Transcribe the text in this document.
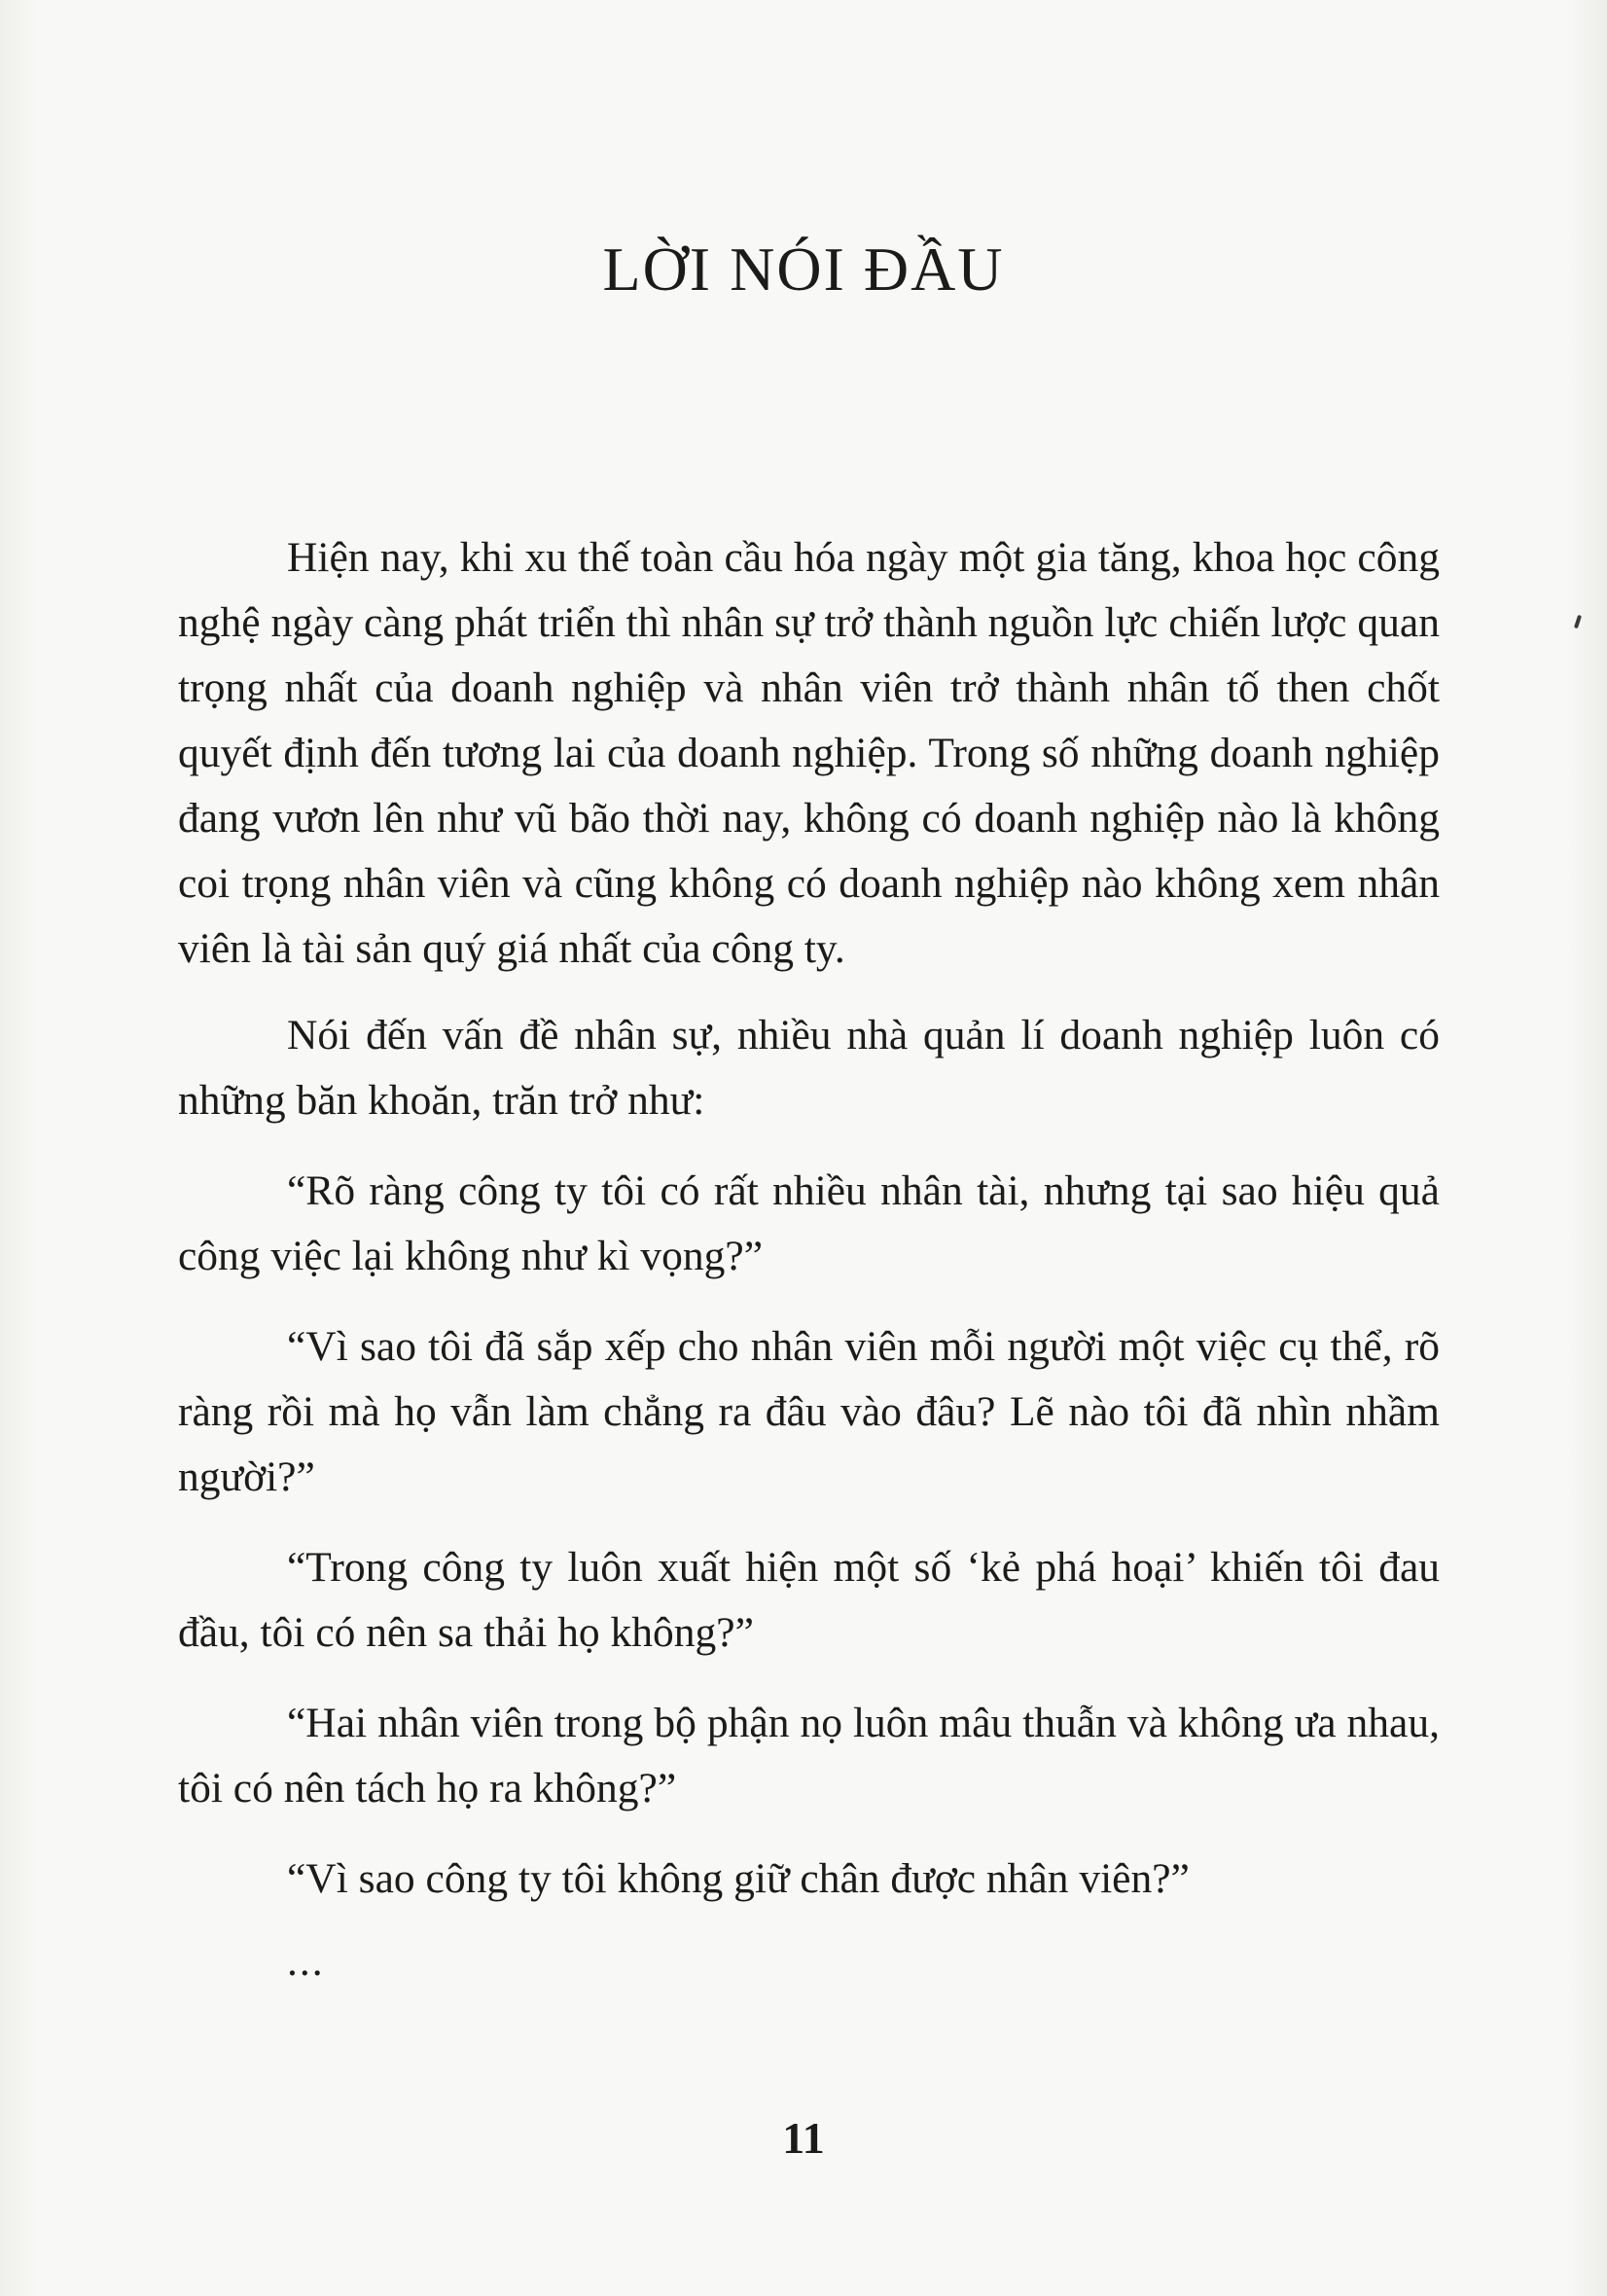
LỜI NÓI ĐẦU

Hiện nay, khi xu thế toàn cầu hóa ngày một gia tăng, khoa học công nghệ ngày càng phát triển thì nhân sự trở thành nguồn lực chiến lược quan trọng nhất của doanh nghiệp và nhân viên trở thành nhân tố then chốt quyết định đến tương lai của doanh nghiệp. Trong số những doanh nghiệp đang vươn lên như vũ bão thời nay, không có doanh nghiệp nào là không coi trọng nhân viên và cũng không có doanh nghiệp nào không xem nhân viên là tài sản quý giá nhất của công ty.

Nói đến vấn đề nhân sự, nhiều nhà quản lí doanh nghiệp luôn có những băn khoăn, trăn trở như:

“Rõ ràng công ty tôi có rất nhiều nhân tài, nhưng tại sao hiệu quả công việc lại không như kì vọng?”

“Vì sao tôi đã sắp xếp cho nhân viên mỗi người một việc cụ thể, rõ ràng rồi mà họ vẫn làm chẳng ra đâu vào đâu? Lẽ nào tôi đã nhìn nhầm người?”

“Trong công ty luôn xuất hiện một số ‘kẻ phá hoại’ khiến tôi đau đầu, tôi có nên sa thải họ không?”

“Hai nhân viên trong bộ phận nọ luôn mâu thuẫn và không ưa nhau, tôi có nên tách họ ra không?”

“Vì sao công ty tôi không giữ chân được nhân viên?”

...

11
